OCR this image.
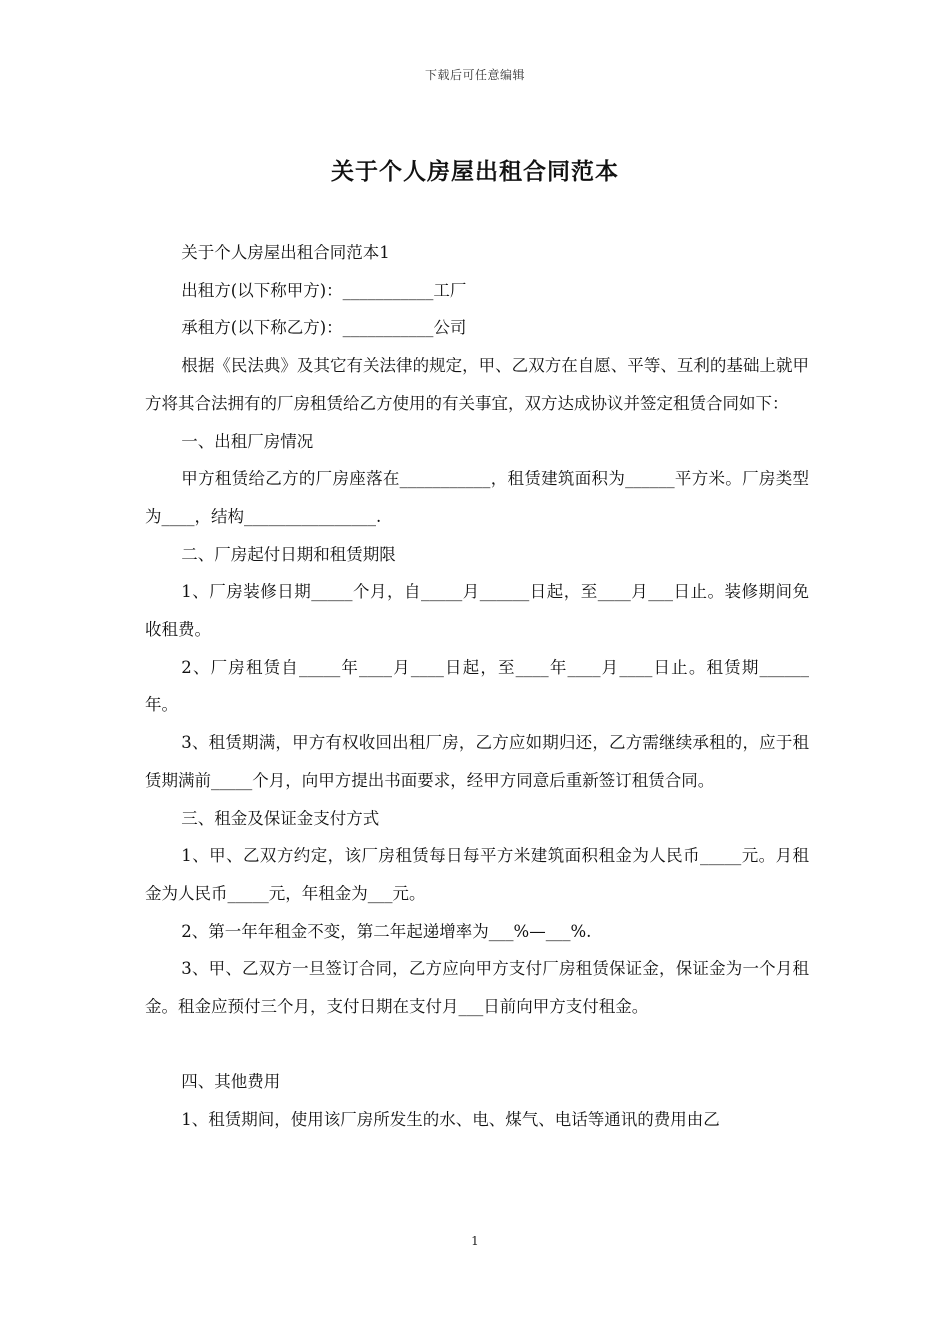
下载后可任意编辑
关于个人房屋出租合同范本

关于个人房屋出租合同范本1

出租方(以下称甲方)：___________工厂

承租方(以下称乙方)：___________公司

根据《民法典》及其它有关法律的规定，甲、乙双方在自愿、平等、互利的基础上就甲方将其合法拥有的厂房租赁给乙方使用的有关事宜，双方达成协议并签定租赁合同如下：

一、出租厂房情况

甲方租赁给乙方的厂房座落在___________，租赁建筑面积为______平方米。厂房类型为____，结构________________.

二、厂房起付日期和租赁期限

1、厂房装修日期_____个月，自_____月______日起，至____月___日止。装修期间免收租费。

2、厂房租赁自_____年____月____日起，至____年____月____日止。租赁期______年。

3、租赁期满，甲方有权收回出租厂房，乙方应如期归还，乙方需继续承租的，应于租赁期满前_____个月，向甲方提出书面要求，经甲方同意后重新签订租赁合同。

三、租金及保证金支付方式

1、甲、乙双方约定，该厂房租赁每日每平方米建筑面积租金为人民币_____元。月租金为人民币_____元，年租金为___元。

2、第一年年租金不变，第二年起递增率为___%—___%.

3、甲、乙双方一旦签订合同，乙方应向甲方支付厂房租赁保证金，保证金为一个月租金。租金应预付三个月，支付日期在支付月___日前向甲方支付租金。

四、其他费用

1、租赁期间，使用该厂房所发生的水、电、煤气、电话等通讯的费用由乙

1
